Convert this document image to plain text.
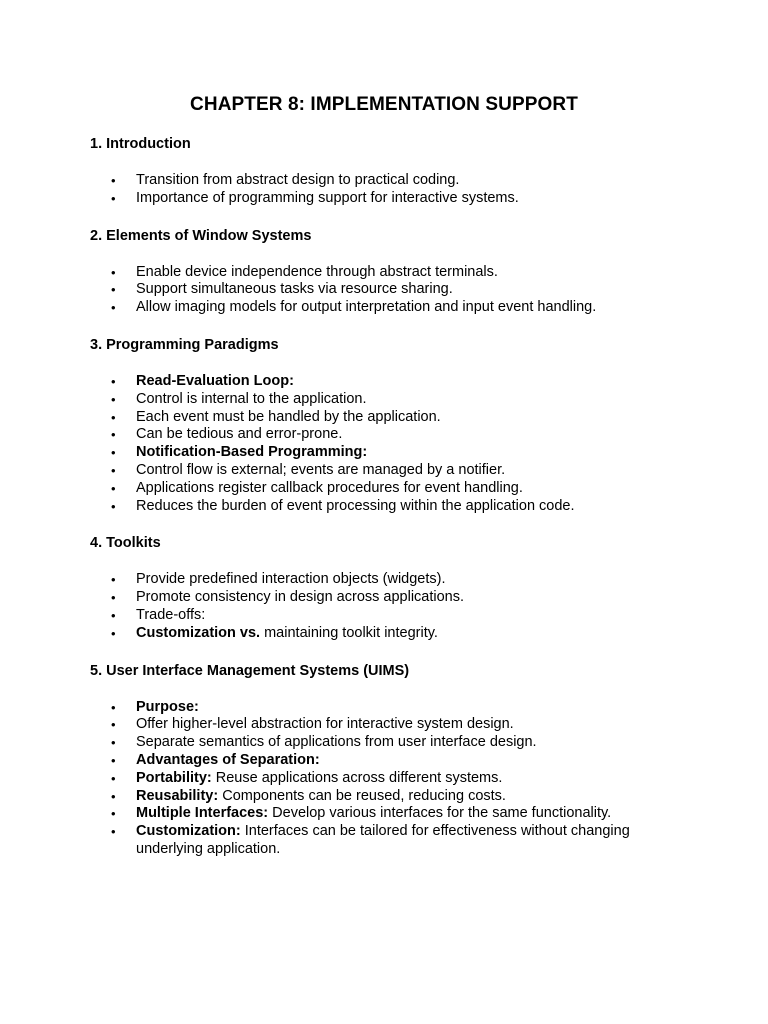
CHAPTER 8: IMPLEMENTATION SUPPORT

1. Introduction

• Transition from abstract design to practical coding.
• Importance of programming support for interactive systems.

2. Elements of Window Systems

• Enable device independence through abstract terminals.
• Support simultaneous tasks via resource sharing.
• Allow imaging models for output interpretation and input event handling.

3. Programming Paradigms

• Read-Evaluation Loop:
• Control is internal to the application.
• Each event must be handled by the application.
• Can be tedious and error-prone.
• Notification-Based Programming:
• Control flow is external; events are managed by a notifier.
• Applications register callback procedures for event handling.
• Reduces the burden of event processing within the application code.

4. Toolkits

• Provide predefined interaction objects (widgets).
• Promote consistency in design across applications.
• Trade-offs:
• Customization vs. maintaining toolkit integrity.

5. User Interface Management Systems (UIMS)

• Purpose:
• Offer higher-level abstraction for interactive system design.
• Separate semantics of applications from user interface design.
• Advantages of Separation:
• Portability: Reuse applications across different systems.
• Reusability: Components can be reused, reducing costs.
• Multiple Interfaces: Develop various interfaces for the same functionality.
• Customization: Interfaces can be tailored for effectiveness without changing underlying application.
